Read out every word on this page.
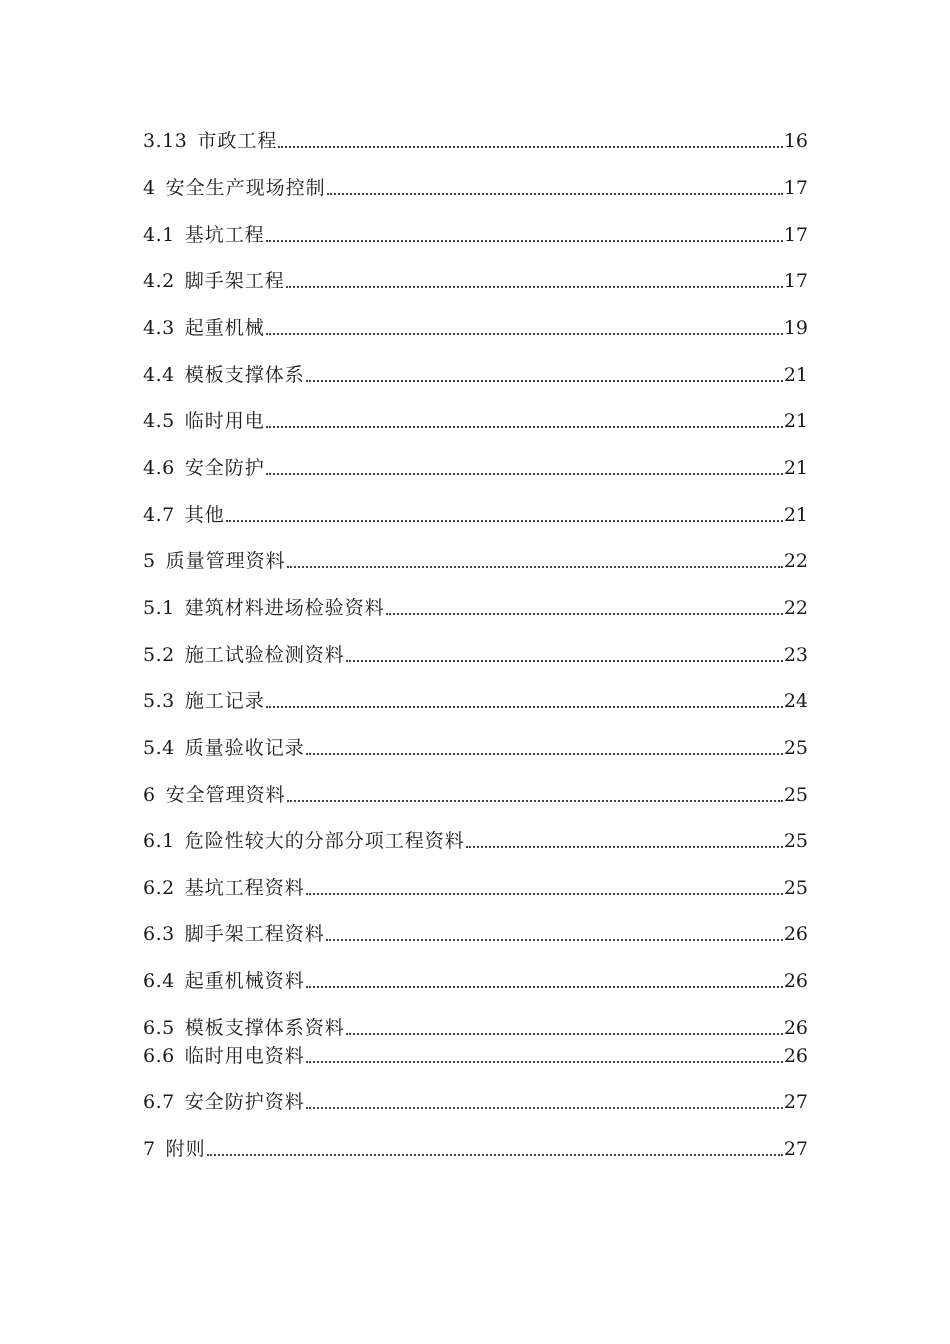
3.13 市政工程	16
4 安全生产现场控制	17
4.1 基坑工程	17
4.2 脚手架工程	17
4.3 起重机械	19
4.4 模板支撑体系	21
4.5 临时用电	21
4.6 安全防护	21
4.7 其他	21
5 质量管理资料	22
5.1 建筑材料进场检验资料	22
5.2 施工试验检测资料	23
5.3 施工记录	24
5.4 质量验收记录	25
6 安全管理资料	25
6.1 危险性较大的分部分项工程资料	25
6.2 基坑工程资料	25
6.3 脚手架工程资料	26
6.4 起重机械资料	26
6.5 模板支撑体系资料	26
6.6 临时用电资料	26
6.7 安全防护资料	27
7 附则	27
